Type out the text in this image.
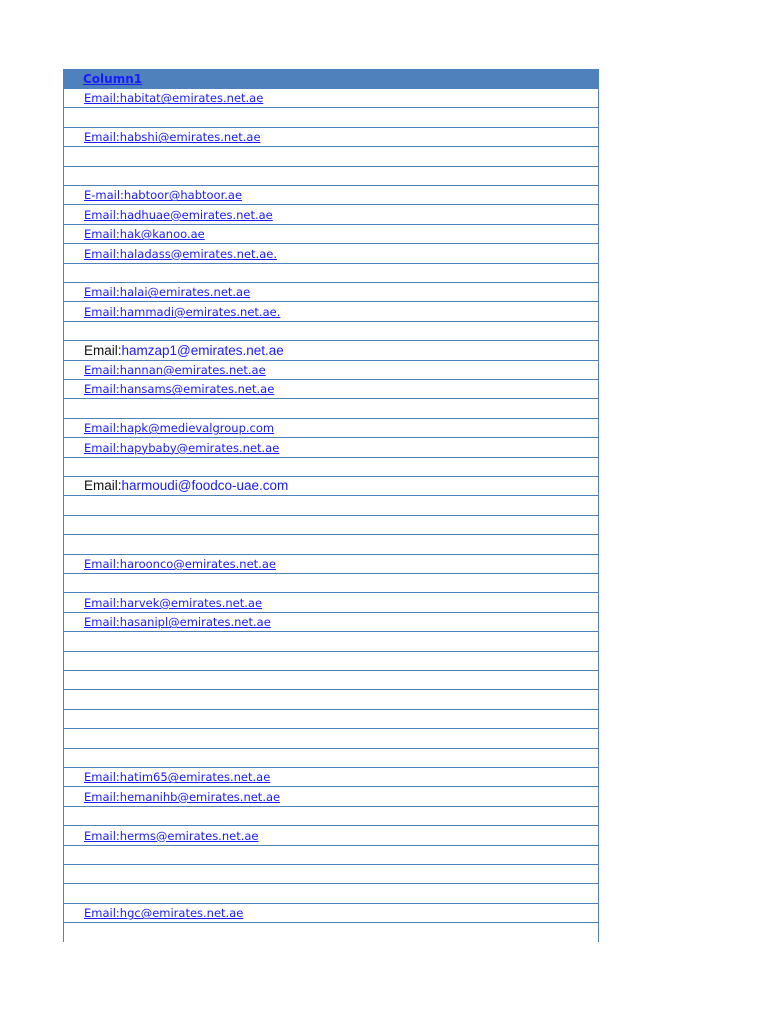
Column1
Email:habitat@emirates.net.ae
Email:habshi@emirates.net.ae
E-mail:habtoor@habtoor.ae
Email:hadhuae@emirates.net.ae
Email:hak@kanoo.ae
Email:haladass@emirates.net.ae.
Email:halai@emirates.net.ae
Email:hammadi@emirates.net.ae.
Email:hamzap1@emirates.net.ae
Email:hannan@emirates.net.ae
Email:hansams@emirates.net.ae
Email:hapk@medievalgroup.com
Email:hapybaby@emirates.net.ae
Email:harmoudi@foodco-uae.com
Email:haroonco@emirates.net.ae
Email:harvek@emirates.net.ae
Email:hasanipl@emirates.net.ae
Email:hatim65@emirates.net.ae
Email:hemanihb@emirates.net.ae
Email:herms@emirates.net.ae
Email:hgc@emirates.net.ae
